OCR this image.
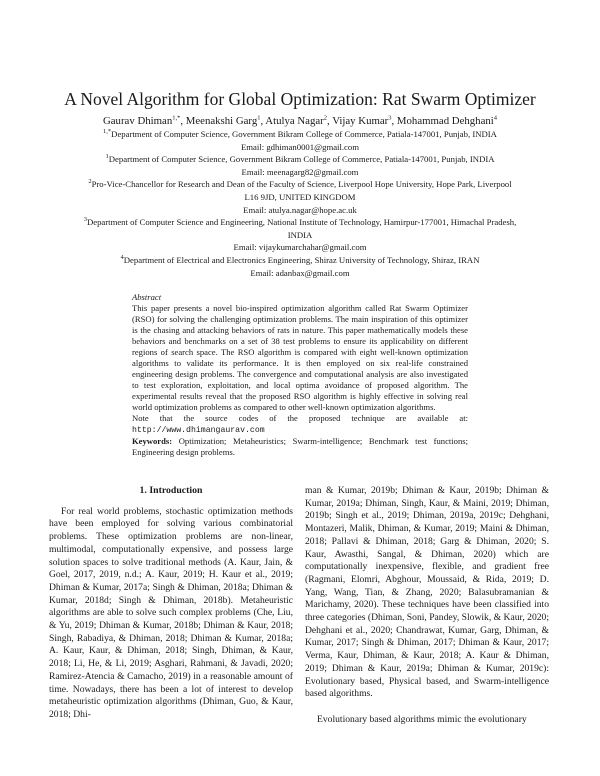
A Novel Algorithm for Global Optimization: Rat Swarm Optimizer
Gaurav Dhiman$^{1,*}$, Meenakshi Garg$^1$, Atulya Nagar$^2$, Vijay Kumar$^3$, Mohammad Dehghani$^4$
$^{1,*}$Department of Computer Science, Government Bikram College of Commerce, Patiala-147001, Punjab, INDIA
Email: gdhiman0001@gmail.com
$^1$Department of Computer Science, Government Bikram College of Commerce, Patiala-147001, Punjab, INDIA
Email: meenagarg82@gmail.com
$^2$Pro-Vice-Chancellor for Research and Dean of the Faculty of Science, Liverpool Hope University, Hope Park, Liverpool
L16 9JD, UNITED KINGDOM
Email: atulya.nagar@hope.ac.uk
$^3$Department of Computer Science and Engineering, National Institute of Technology, Hamirpur-177001, Himachal Pradesh,
INDIA
Email: vijaykumarchahar@gmail.com
$^4$Department of Electrical and Electronics Engineering, Shiraz University of Technology, Shiraz, IRAN
Email: adanbax@gmail.com
Abstract
This paper presents a novel bio-inspired optimization algorithm called Rat Swarm Optimizer (RSO) for solving the challenging optimization problems. The main inspiration of this optimizer is the chasing and attacking behaviors of rats in nature. This paper mathematically models these behaviors and benchmarks on a set of 38 test problems to ensure its applicability on different regions of search space. The RSO algorithm is compared with eight well-known optimization algorithms to validate its performance. It is then employed on six real-life constrained engineering design problems. The convergence and computational analysis are also investigated to test exploration, exploitation, and local optima avoidance of proposed algorithm. The experimental results reveal that the proposed RSO algorithm is highly effective in solving real world optimization problems as compared to other well-known optimization algorithms.
Note that the source codes of the proposed technique are available at: http://www.dhimangaurav.com
Keywords: Optimization; Metaheuristics; Swarm-intelligence; Benchmark test functions; Engineering design problems.
1. Introduction

For real world problems, stochastic optimization methods have been employed for solving various combinatorial problems. These optimization problems are non-linear, multimodal, computationally expensive, and possess large solution spaces to solve traditional methods (A. Kaur, Jain, & Goel, 2017, 2019, n.d.; A. Kaur, 2019; H. Kaur et al., 2019; Dhiman & Kumar, 2017a; Singh & Dhiman, 2018a; Dhiman & Kumar, 2018d; Singh & Dhiman, 2018b). Metaheuristic algorithms are able to solve such complex problems (Che, Liu, & Yu, 2019; Dhiman & Kumar, 2018b; Dhiman & Kaur, 2018; Singh, Rabadiya, & Dhiman, 2018; Dhiman & Kumar, 2018a; A. Kaur, Kaur, & Dhiman, 2018; Singh, Dhiman, & Kaur, 2018; Li, He, & Li, 2019; Asghari, Rahmani, & Javadi, 2020; Ramirez-Atencia & Camacho, 2019) in a reasonable amount of time. Nowadays, there has been a lot of interest to develop metaheuristic optimization algorithms (Dhiman, Guo, & Kaur, 2018; Dhi-

man & Kumar, 2019b; Dhiman & Kaur, 2019b; Dhiman & Kumar, 2019a; Dhiman, Singh, Kaur, & Maini, 2019; Dhiman, 2019b; Singh et al., 2019; Dhiman, 2019a, 2019c; Dehghani, Montazeri, Malik, Dhiman, & Kumar, 2019; Maini & Dhiman, 2018; Pallavi & Dhiman, 2018; Garg & Dhiman, 2020; S. Kaur, Awasthi, Sangal, & Dhiman, 2020) which are computationally inexpensive, flexible, and gradient free (Ragmani, Elomri, Abghour, Moussaid, & Rida, 2019; D. Yang, Wang, Tian, & Zhang, 2020; Balasubramanian & Marichamy, 2020). These techniques have been classified into three categories (Dhiman, Soni, Pandey, Slowik, & Kaur, 2020; Dehghani et al., 2020; Chandrawat, Kumar, Garg, Dhiman, & Kumar, 2017; Singh & Dhiman, 2017; Dhiman & Kaur, 2017; Verma, Kaur, Dhiman, & Kaur, 2018; A. Kaur & Dhiman, 2019; Dhiman & Kaur, 2019a; Dhiman & Kumar, 2019c): Evolutionary based, Physical based, and Swarm-intelligence based algorithms.

Evolutionary based algorithms mimic the evolutionary
